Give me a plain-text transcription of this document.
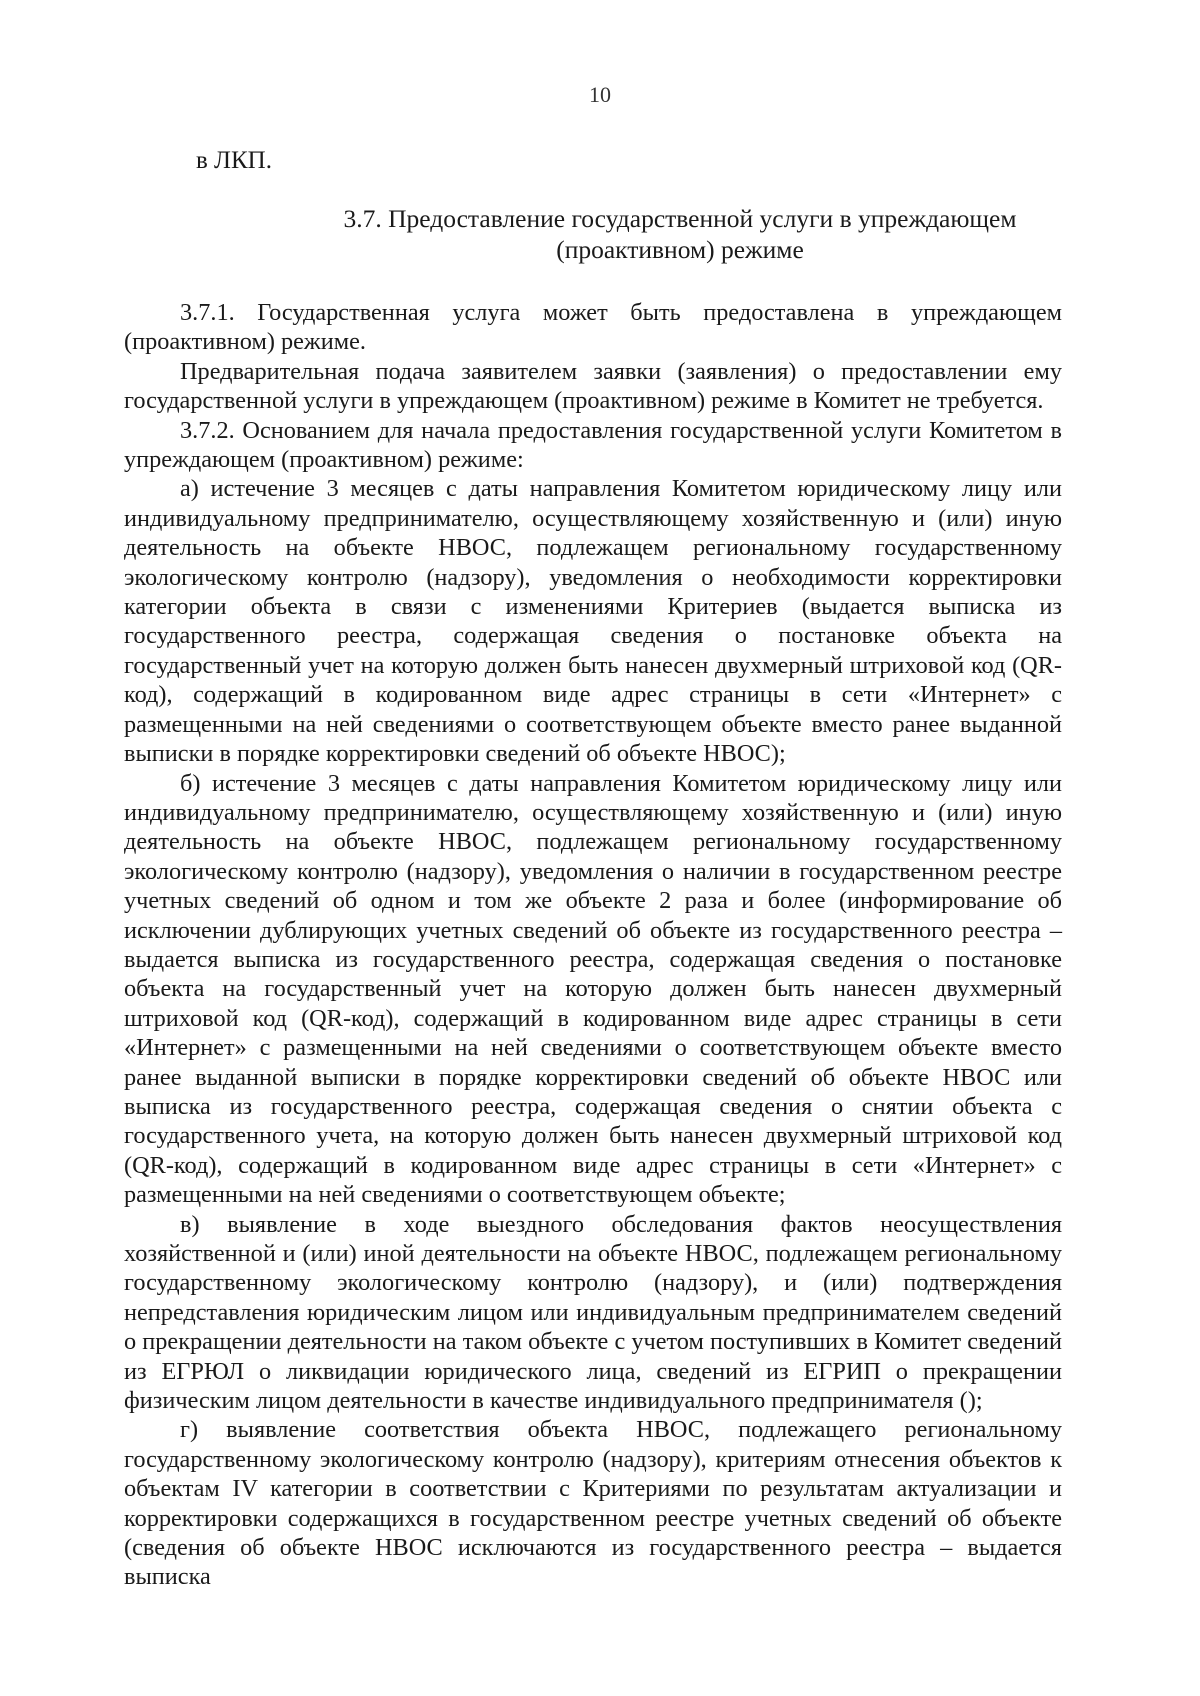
10
в ЛКП.
3.7. Предоставление государственной услуги в упреждающем
(проактивном) режиме

3.7.1. Государственная услуга может быть предоставлена в упреждающем (проактивном) режиме.

Предварительная подача заявителем заявки (заявления) о предоставлении ему государственной услуги в упреждающем (проактивном) режиме в Комитет не требуется.

3.7.2. Основанием для начала предоставления государственной услуги Комитетом в упреждающем (проактивном) режиме:

а) истечение 3 месяцев с даты направления Комитетом юридическому лицу или индивидуальному предпринимателю, осуществляющему хозяйственную и (или) иную деятельность на объекте НВОС, подлежащем региональному государственному экологическому контролю (надзору), уведомления о необходимости корректировки категории объекта в связи с изменениями Критериев (выдается выписка из государственного реестра, содержащая сведения о постановке объекта на государственный учет на которую должен быть нанесен двухмерный штриховой код (QR-код), содержащий в кодированном виде адрес страницы в сети «Интернет» с размещенными на ней сведениями о соответствующем объекте вместо ранее выданной выписки в порядке корректировки сведений об объекте НВОС);

б) истечение 3 месяцев с даты направления Комитетом юридическому лицу или индивидуальному предпринимателю, осуществляющему хозяйственную и (или) иную деятельность на объекте НВОС, подлежащем региональному государственному экологическому контролю (надзору), уведомления о наличии в государственном реестре учетных сведений об одном и том же объекте 2 раза и более (информирование об исключении дублирующих учетных сведений об объекте из государственного реестра – выдается выписка из государственного реестра, содержащая сведения о постановке объекта на государственный учет на которую должен быть нанесен двухмерный штриховой код (QR-код), содержащий в кодированном виде адрес страницы в сети «Интернет» с размещенными на ней сведениями о соответствующем объекте вместо ранее выданной выписки в порядке корректировки сведений об объекте НВОС или выписка из государственного реестра, содержащая сведения о снятии объекта с государственного учета, на которую должен быть нанесен двухмерный штриховой код (QR-код), содержащий в кодированном виде адрес страницы в сети «Интернет» с размещенными на ней сведениями о соответствующем объекте;

в) выявление в ходе выездного обследования фактов неосуществления хозяйственной и (или) иной деятельности на объекте НВОС, подлежащем региональному государственному экологическому контролю (надзору), и (или) подтверждения непредставления юридическим лицом или индивидуальным предпринимателем сведений о прекращении деятельности на таком объекте с учетом поступивших в Комитет сведений из ЕГРЮЛ о ликвидации юридического лица, сведений из ЕГРИП о прекращении физическим лицом деятельности в качестве индивидуального предпринимателя ();

г) выявление соответствия объекта НВОС, подлежащего региональному государственному экологическому контролю (надзору), критериям отнесения объектов к объектам IV категории в соответствии с Критериями по результатам актуализации и корректировки содержащихся в государственном реестре учетных сведений об объекте (сведения об объекте НВОС исключаются из государственного реестра – выдается выписка
